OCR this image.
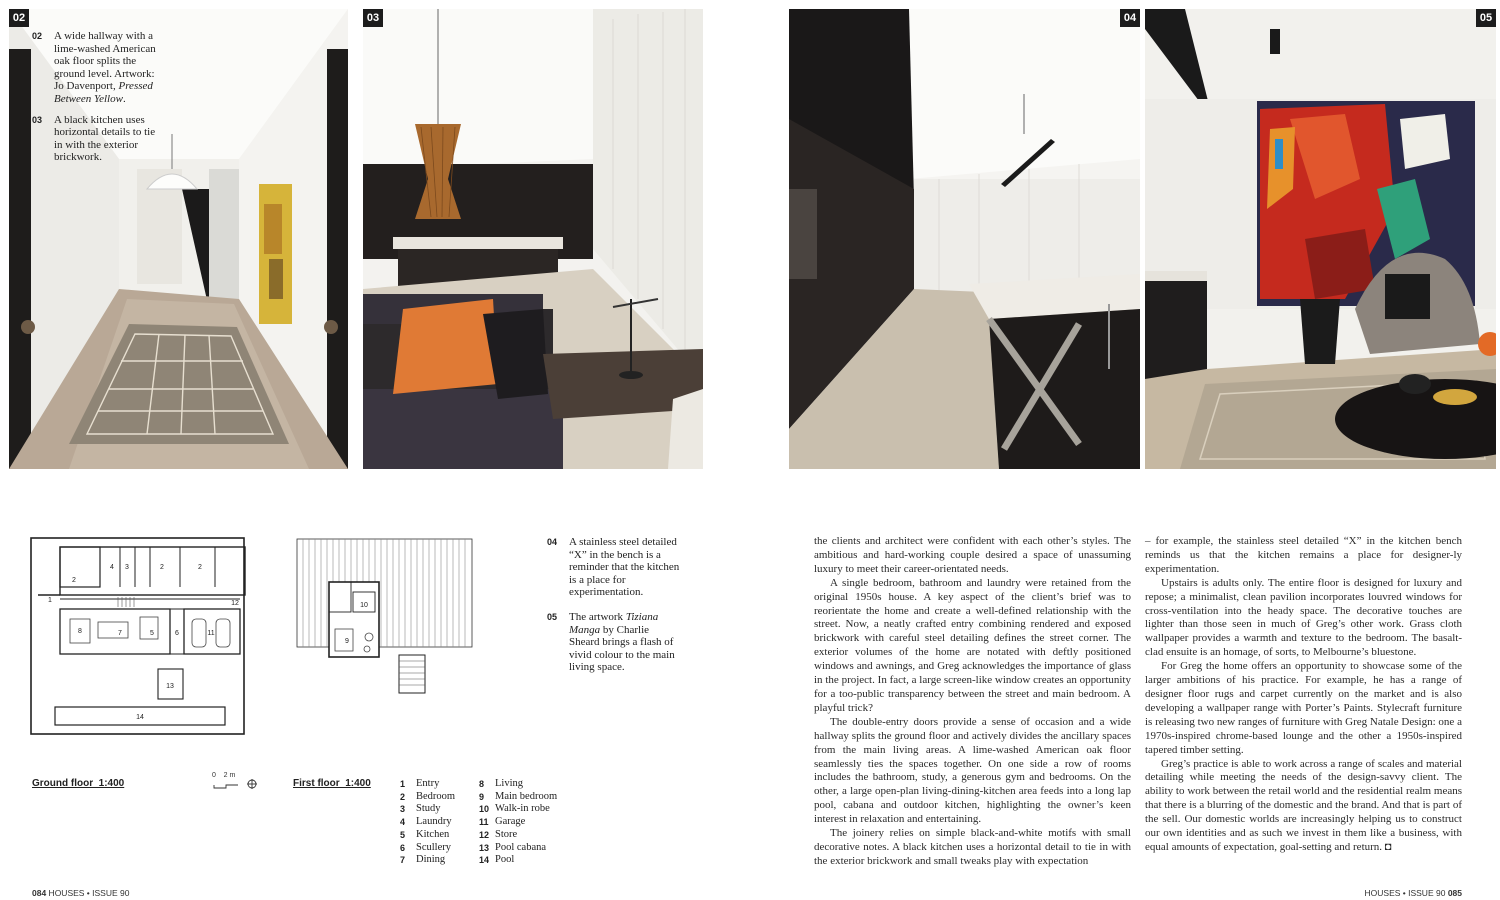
02	03	04	05
02 A wide hallway with a lime-washed American oak floor splits the ground level. Artwork: Jo Davenport, Pressed Between Yellow.
03 A black kitchen uses horizontal details to tie in with the exterior brickwork.
2
4 3	2	2
1
8	7	5	6	11
12
13
14
10
9
04 A stainless steel detailed “X” in the bench is a reminder that the kitchen is a place for experimentation.
05 The artwork Tiziana Manga by Charlie Sheard brings a flash of vivid colour to the main living space.
Ground floor  1:400
0    2 m
First floor  1:400	1	Entry
2	Bedroom
3	Study
4	Laundry
5	Kitchen
6	Scullery
7	Dining
8	Living
9	Main bedroom
10 Walk-in robe
11 Garage
12 Store
13 Pool cabana
14 Pool

the clients and architect were confident with each other’s styles. The ambitious and hard-working couple desired a space of unassuming luxury to meet their career-orientated needs.

A single bedroom, bathroom and laundry were retained from the original 1950s house. A key aspect of the client’s brief was to reorientate the home and create a well-defined relationship with the street. Now, a neatly crafted entry combining rendered and exposed brickwork with careful steel detailing defines the street corner. The exterior volumes of the home are notated with deftly positioned windows and awnings, and Greg acknowledges the importance of glass in the project. In fact, a large screen-like window creates an opportunity for a too-public transparency between the street and main bedroom. A playful trick?

The double-entry doors provide a sense of occasion and a wide hallway splits the ground floor and actively divides the ancillary spaces from the main living areas. A lime-washed American oak floor seamlessly ties the spaces together. On one side a row of rooms includes the bathroom, study, a generous gym and bedrooms. On the other, a large open-plan living-dining-kitchen area feeds into a long lap pool, cabana and outdoor kitchen, highlighting the owner’s keen interest in relaxation and entertaining.

The joinery relies on simple black-and-white motifs with small decorative notes. A black kitchen uses a horizontal detail to tie in with the exterior brickwork and small tweaks play with expectation

– for example, the stainless steel detailed “X” in the kitchen bench reminds us that the kitchen remains a place for designer-ly experimentation.

Upstairs is adults only. The entire floor is designed for luxury and repose; a minimalist, clean pavilion incorporates louvred windows for cross-ventilation into the heady space. The decorative touches are lighter than those seen in much of Greg’s other work. Grass cloth wallpaper provides a warmth and texture to the bedroom. The basalt-clad ensuite is an homage, of sorts, to Melbourne’s bluestone.

For Greg the home offers an opportunity to showcase some of the larger ambitions of his practice. For example, he has a range of designer floor rugs and carpet currently on the market and is also developing a wallpaper range with Porter’s Paints. Stylecraft furniture is releasing two new ranges of furniture with Greg Natale Design: one a 1970s-inspired chrome-based lounge and the other a 1950s-inspired tapered timber setting.

Greg’s practice is able to work across a range of scales and material detailing while meeting the needs of the design-savvy client. The ability to work between the retail world and the residential realm means that there is a blurring of the domestic and the brand. And that is part of the sell. Our domestic worlds are increasingly helping us to construct our own identities and as such we invest in them like a business, with equal amounts of expectation, goal-setting and return. ◘

084 HOUSES • ISSUE 90	HOUSES • ISSUE 90 085
